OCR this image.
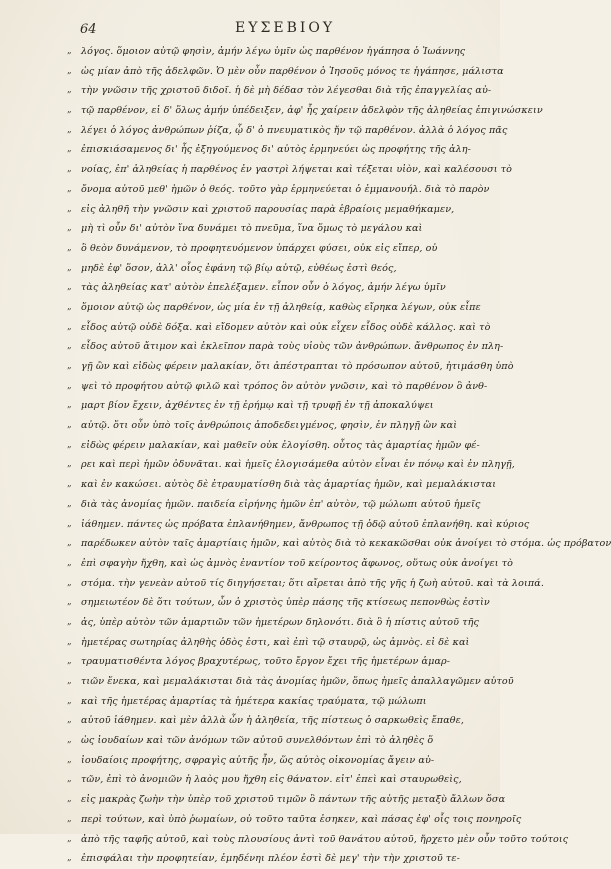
64	ΕΥΣΕΒΙΟΥ
„ λόγος. ὅμοιον αὐτῷ φησὶν, ἀμήν λέγω ὑμῖν ὡς παρθένον ἠγάπησα ὁ Ἰωάννης
„ ὡς μίαν ἀπὸ τῆς ἀδελφῶν. Ὁ μὲν οὖν παρθένον ὁ Ἰησοῦς μόνος τε ἠγάπησε, μάλιστα
„ τὴν γνῶσιν τῆς χριστοῦ διδοῖ. ἡ δὲ μὴ δέδασ τὸν λέγεσθαι διὰ τῆς ἐπαγγελίας αὐ-
„ τῷ παρθένον, εἰ δ' ὅλως ἀμήν ὑπέδειξεν, ἀφ' ἧς χαίρειν ἀδελφὸν τῆς ἀληθείας ἐπιγινώσκειν
„ λέγει ὁ λόγος ἀνθρώπων ῥίζα, ᾧ δ' ὁ πνευματικὸς ἤν τῷ παρθένον. ἀλλὰ ὁ λόγος πᾶς
„ ἐπισκιάσαμενος δι' ἧς ἐξηγούμενος δι' αὐτὸς ἑρμηνεύει ὡς προφήτης τῆς ἀλη-
„ νοίας, ἐπ' ἀληθείας ἡ παρθένος ἐν γαστρὶ λήψεται καὶ τέξεται υἱὸν, καὶ καλέσουσι τὸ
„ ὄνομα αὐτοῦ μεθ' ἡμῶν ὁ θεός. τοῦτο γὰρ ἑρμηνεύεται ὁ ἐμμανουήλ. διὰ τὸ παρὸν
„ εἰς ἀληθῆ τὴν γνῶσιν καὶ χριστοῦ παρουσίας παρὰ ἑβραίοις μεμαθήκαμεν,
„ μὴ τὶ οὖν δι' αὐτὸν ἵνα δυνάμει τὸ πνεῦμα, ἵνα ὅμως τὸ μεγάλου καὶ
„ ὃ θεὸν δυνάμενον, τὸ προφητευόμενον ὑπάρχει φύσει, οὐκ εἰς εἴπερ, οὐ
„ μηδὲ ἐφ' ὅσον, ἀλλ' οἷος ἐφάνη τῷ βίῳ αὐτῷ, εὐθέως ἐστὶ θεός,
„ τὰς ἀληθείας κατ' αὐτὸν ἐπελέξαμεν. εἶπον οὖν ὁ λόγος, ἀμήν λέγω ὑμῖν
„ ὅμοιον αὐτῷ ὡς παρθένον, ὡς μία ἐν τῇ ἀληθείᾳ, καθὼς εἴρηκα λέγων, οὐκ εἶπε
„ εἶδος αὐτῷ οὐδὲ δόξα. καὶ εἴδομεν αὐτὸν καὶ οὐκ εἶχεν εἶδος οὐδὲ κάλλος. καὶ τὸ
„ εἶδος αὐτοῦ ἄτιμον καὶ ἐκλεῖπον παρὰ τοὺς υἱοὺς τῶν ἀνθρώπων. ἄνθρωπος ἐν πλη-
„ γῇ ὢν καὶ εἰδὼς φέρειν μαλακίαν, ὅτι ἀπέστραπται τὸ πρόσωπον αὐτοῦ, ἠτιμάσθη ὑπὸ
„ ψεὶ τὸ προφήτου αὐτῷ φιλῶ καὶ τρόπος ὃν αὐτὸν γνῶσιν, καὶ τὸ παρθένον ὃ ἀνθ-
„ μαρτ βίον ἔχειν, ἀχθέντες ἐν τῇ ἐρήμῳ καὶ τῇ τρυφῇ ἐν τῇ ἀποκαλύψει
„ αὐτῷ. ὅτι οὖν ὑπὸ τοῖς ἀνθρώποις ἀποδεδειγμένος, φησὶν, ἐν πληγῇ ὢν καὶ
„ εἰδὼς φέρειν μαλακίαν, καὶ μαθεῖν οὐκ ἐλογίσθη. οὗτος τὰς ἁμαρτίας ἡμῶν φέ-
„ ρει καὶ περὶ ἡμῶν ὀδυνᾶται. καὶ ἡμεῖς ἐλογισάμεθα αὐτὸν εἶναι ἐν πόνῳ καὶ ἐν πληγῇ,
„ καὶ ἐν κακώσει. αὐτὸς δὲ ἐτραυματίσθη διὰ τὰς ἁμαρτίας ἡμῶν, καὶ μεμαλάκισται
„ διὰ τὰς ἀνομίας ἡμῶν. παιδεία εἰρήνης ἡμῶν ἐπ' αὐτὸν, τῷ μώλωπι αὐτοῦ ἡμεῖς
„ ἰάθημεν. πάντες ὡς πρόβατα ἐπλανήθημεν, ἄνθρωπος τῇ ὁδῷ αὐτοῦ ἐπλανήθη. καὶ κύριος
„ παρέδωκεν αὐτὸν ταῖς ἁμαρτίαις ἡμῶν, καὶ αὐτὸς διὰ τὸ κεκακῶσθαι οὐκ ἀνοίγει τὸ στόμα. ὡς πρόβατον
„ ἐπὶ σφαγὴν ἤχθη, καὶ ὡς ἀμνὸς ἐναντίον τοῦ κείροντος ἄφωνος, οὕτως οὐκ ἀνοίγει τὸ
„ στόμα. τὴν γενεὰν αὐτοῦ τίς διηγήσεται; ὅτι αἴρεται ἀπὸ τῆς γῆς ἡ ζωὴ αὐτοῦ. καὶ τὰ λοιπά.
„ σημειωτέον δὲ ὅτι τούτων, ὧν ὁ χριστὸς ὑπὲρ πάσης τῆς κτίσεως πεπονθὼς ἐστὶν
„ ἀς, ὑπὲρ αὐτὸν τῶν ἁμαρτιῶν τῶν ἡμετέρων δηλονότι. διὰ ὃ ἡ πίστις αὐτοῦ τῆς
„ ἡμετέρας σωτηρίας ἀληθὴς ὁδὸς ἐστι, καὶ ἐπὶ τῷ σταυρῷ, ὡς ἀμνὸς. εἰ δὲ καὶ
„ τραυματισθέντα λόγος βραχυτέρως, τοῦτο ἔργον ἔχει τῆς ἡμετέρων ἁμαρ-
„ τιῶν ἕνεκα, καὶ μεμαλάκισται διὰ τὰς ἀνομίας ἡμῶν, ὅπως ἡμεῖς ἀπαλλαγῶμεν αὐτοῦ
„ καὶ τῆς ἡμετέρας ἁμαρτίας τὰ ἡμέτερα κακίας τραύματα, τῷ μώλωπι
„ αὐτοῦ ἰάθημεν. καὶ μὲν ἀλλὰ ὧν ἡ ἀληθεία, τῆς πίστεως ὁ σαρκωθεὶς ἔπαθε,
„ ὡς ἰουδαίων καὶ τῶν ἀνόμων τῶν αὐτοῦ συνελθόντων ἐπὶ τὸ ἀληθὲς ὅ
„ ἰουδαίοις προφήτης, σφραγὶς αὐτῆς ἦν, ὥς αὐτὸς οἰκονομίας ἄγειν αὐ-
„ τῶν, ἐπὶ τὸ ἀνομιῶν ἡ λαὸς μου ἤχθη εἰς θάνατον. εἰτ' ἐπεὶ καὶ σταυρωθεὶς,
„ εἰς μακρὰς ζωὴν τὴν ὑπὲρ τοῦ χριστοῦ τιμῶν ὃ πάντων τῆς αὐτῆς μεταξὺ ἄλλων ὅσα
„ περὶ τούτων, καὶ ὑπὸ ῥωμαίων, οὐ τοῦτο ταῦτα ἐσηκεν, καὶ πάσας ἐφ' οἷς τοις πονηροῖς
„ ἀπὸ τῆς ταφῆς αὐτοῦ, καὶ τοὺς πλουσίους ἀντὶ τοῦ θανάτου αὐτοῦ, ἤρχετο μὲν οὖν τοῦτο τούτοις
„ ἐπισφάλαι τὴν προφητείαν, ἐμηδένηι πλέον ἐστὶ δὲ μεγ' τὴν τὴν χριστοῦ τε-
